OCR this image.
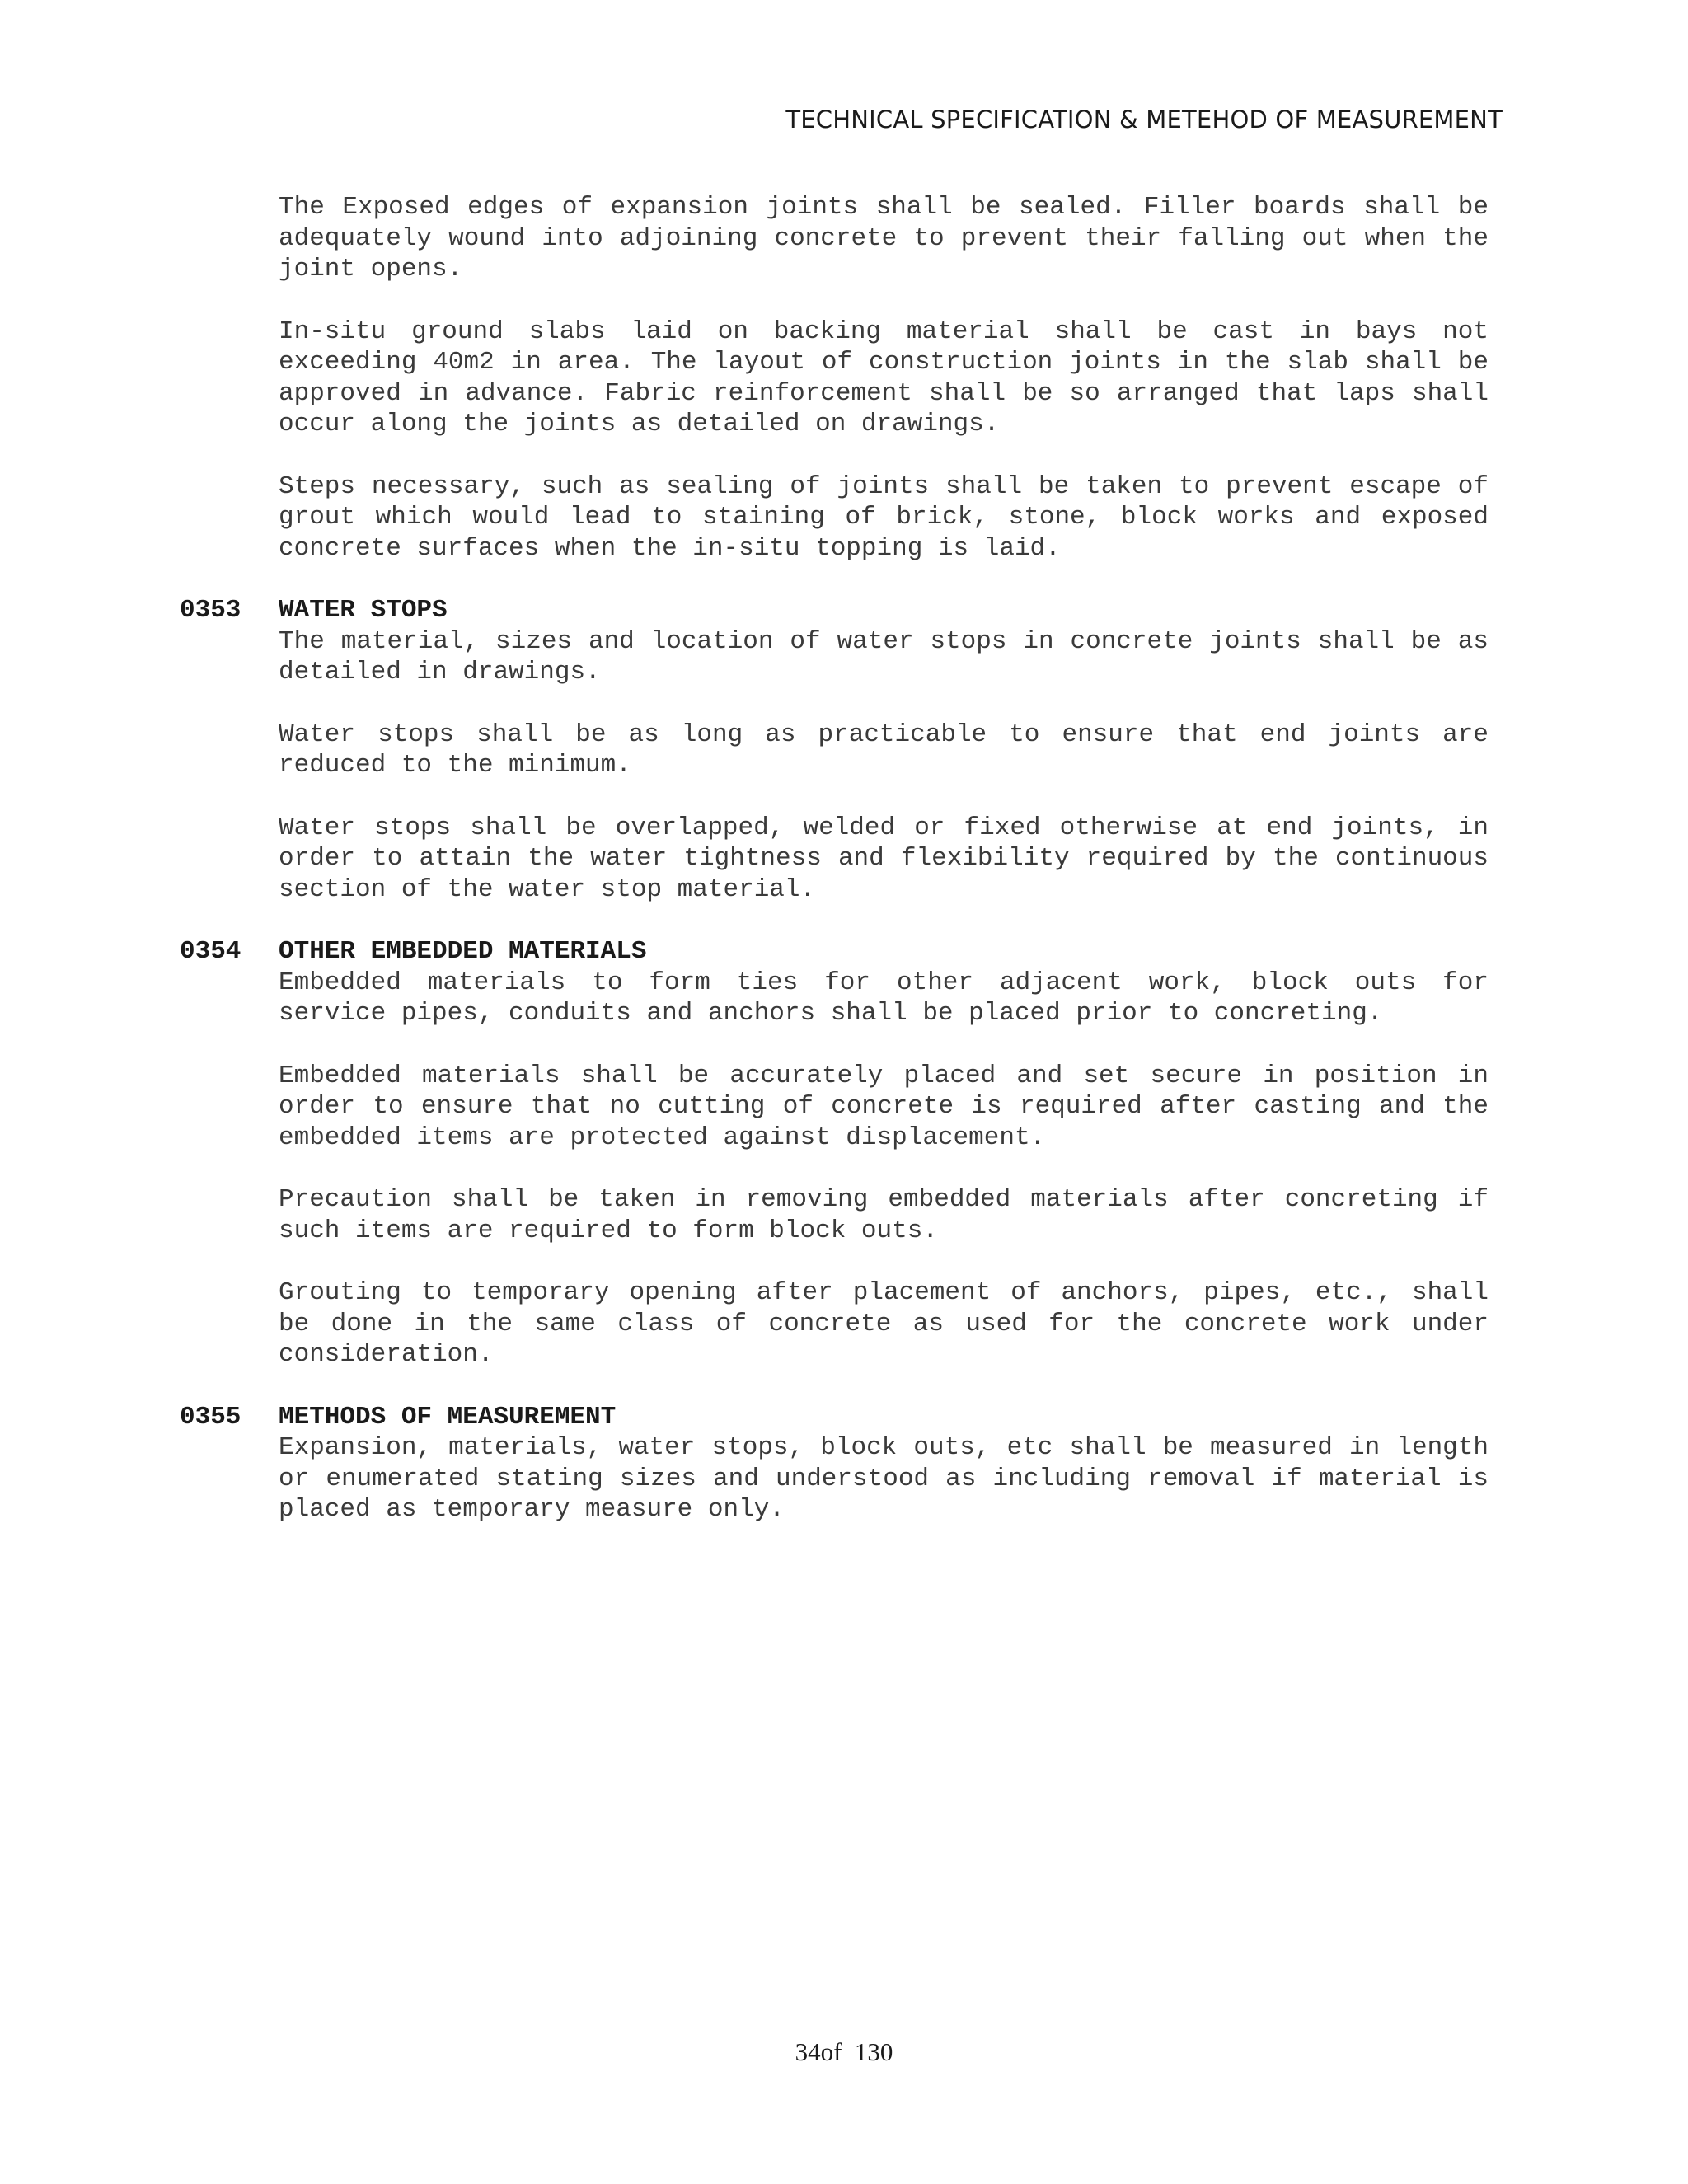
TECHNICAL SPECIFICATION & METEHOD OF MEASUREMENT

The Exposed edges of expansion joints shall be sealed. Filler boards shall be adequately wound into adjoining concrete to prevent their falling out when the joint opens.

In-situ ground slabs laid on backing material shall be cast in bays not exceeding 40m2 in area. The layout of construction joints in the slab shall be approved in advance. Fabric reinforcement shall be so arranged that laps shall occur along the joints as detailed on drawings.

Steps necessary, such as sealing of joints shall be taken to prevent escape of grout which would lead to staining of brick, stone, block works and exposed concrete surfaces when the in-situ topping is laid.

0353 WATER STOPS

The material, sizes and location of water stops in concrete joints shall be as detailed in drawings.

Water stops shall be as long as practicable to ensure that end joints are reduced to the minimum.

Water stops shall be overlapped, welded or fixed otherwise at end joints, in order to attain the water tightness and flexibility required by the continuous section of the water stop material.

0354 OTHER EMBEDDED MATERIALS

Embedded materials to form ties for other adjacent work, block outs for service pipes, conduits and anchors shall be placed prior to concreting.

Embedded materials shall be accurately placed and set secure in position in order to ensure that no cutting of concrete is required after casting and the embedded items are protected against displacement.

Precaution shall be taken in removing embedded materials after concreting if such items are required to form block outs.

Grouting to temporary opening after placement of anchors, pipes, etc., shall be done in the same class of concrete as used for the concrete work under consideration.

0355 METHODS OF MEASUREMENT

Expansion, materials, water stops, block outs, etc shall be measured in length or enumerated stating sizes and understood as including removal if material is placed as temporary measure only.

34of 130
